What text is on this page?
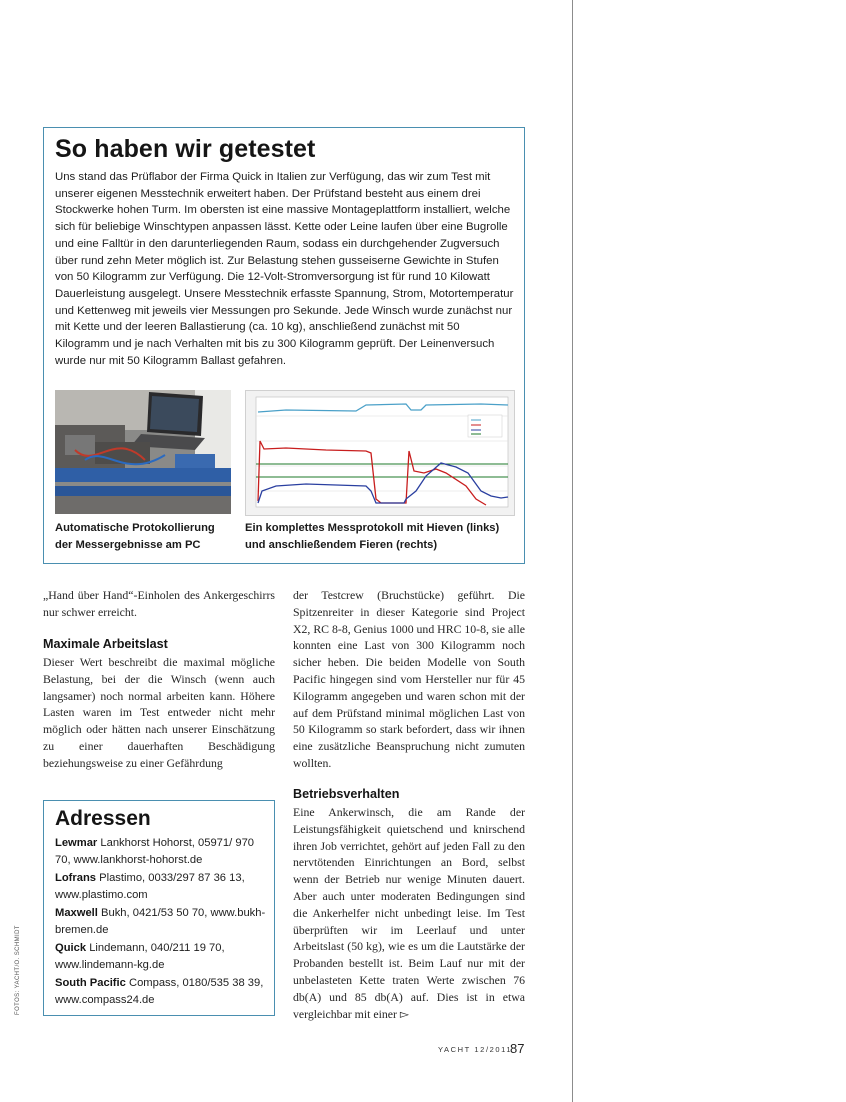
So haben wir getestet

Uns stand das Prüflabor der Firma Quick in Italien zur Verfügung, das wir zum Test mit unserer eigenen Messtechnik erweitert haben. Der Prüfstand besteht aus einem drei Stockwerke hohen Turm. Im obersten ist eine massive Montageplattform installiert, welche sich für beliebige Winschtypen anpassen lässt. Kette oder Leine laufen über eine Bugrolle und eine Falltür in den darunterliegenden Raum, sodass ein durchgehender Zugversuch über rund zehn Meter möglich ist. Zur Belastung stehen gusseiserne Gewichte in Stufen von 50 Kilogramm zur Verfügung. Die 12-Volt-Stromversorgung ist für rund 10 Kilowatt Dauerleistung ausgelegt. Unsere Messtechnik erfasste Spannung, Strom, Motortemperatur und Kettenweg mit jeweils vier Messungen pro Sekunde. Jede Winsch wurde zunächst nur mit Kette und der leeren Ballastierung (ca. 10 kg), anschließend zunächst mit 50 Kilogramm und je nach Verhalten mit bis zu 300 Kilogramm geprüft. Der Leinenversuch wurde nur mit 50 Kilogramm Ballast gefahren.

Automatische Protokollierung der Messergebnisse am PC

Ein komplettes Messprotokoll mit Hieven (links) und anschließendem Fieren (rechts)

„Hand über Hand“-Einholen des Ankergeschirrs nur schwer erreicht.

Maximale Arbeitslast

Dieser Wert beschreibt die maximal mögliche Belastung, bei der die Winsch (wenn auch langsamer) noch normal arbeiten kann. Höhere Lasten waren im Test entweder nicht mehr möglich oder hätten nach unserer Einschätzung zu einer dauerhaften Beschädigung beziehungsweise zu einer Gefährdung

der Testcrew (Bruchstücke) geführt. Die Spitzenreiter in dieser Kategorie sind Project X2, RC 8-8, Genius 1000 und HRC 10-8, sie alle konnten eine Last von 300 Kilogramm noch sicher heben. Die beiden Modelle von South Pacific hingegen sind vom Hersteller nur für 45 Kilogramm angegeben und waren schon mit der auf dem Prüfstand minimal möglichen Last von 50 Kilogramm so stark befordert, dass wir ihnen eine zusätzliche Beanspruchung nicht zumuten wollten.

Betriebsverhalten

Eine Ankerwinsch, die am Rande der Leistungsfähigkeit quietschend und knirschend ihren Job verrichtet, gehört auf jeden Fall zu den nervtötenden Einrichtungen an Bord, selbst wenn der Betrieb nur wenige Minuten dauert. Aber auch unter moderaten Bedingungen sind die Ankerhelfer nicht unbedingt leise. Im Test überprüften wir im Leerlauf und unter Arbeitslast (50 kg), wie es um die Lautstärke der Probanden bestellt ist. Beim Lauf nur mit der unbelasteten Kette traten Werte zwischen 76 db(A) und 85 db(A) auf. Dies ist in etwa vergleichbar mit einer ▻

Adressen

Lewmar Lankhorst Hohorst, 05971/ 970 70, www.lankhorst-hohorst.de

Lofrans Plastimo, 0033/297 87 36 13, www.plastimo.com

Maxwell Bukh, 0421/53 50 70, www.bukh-bremen.de

Quick Lindemann, 040/211 19 70, www.lindemann-kg.de

South Pacific Compass, 0180/535 38 39, www.compass24.de

FOTOS: YACHT/O. SCHMIDT
YACHT 12/2011
87
